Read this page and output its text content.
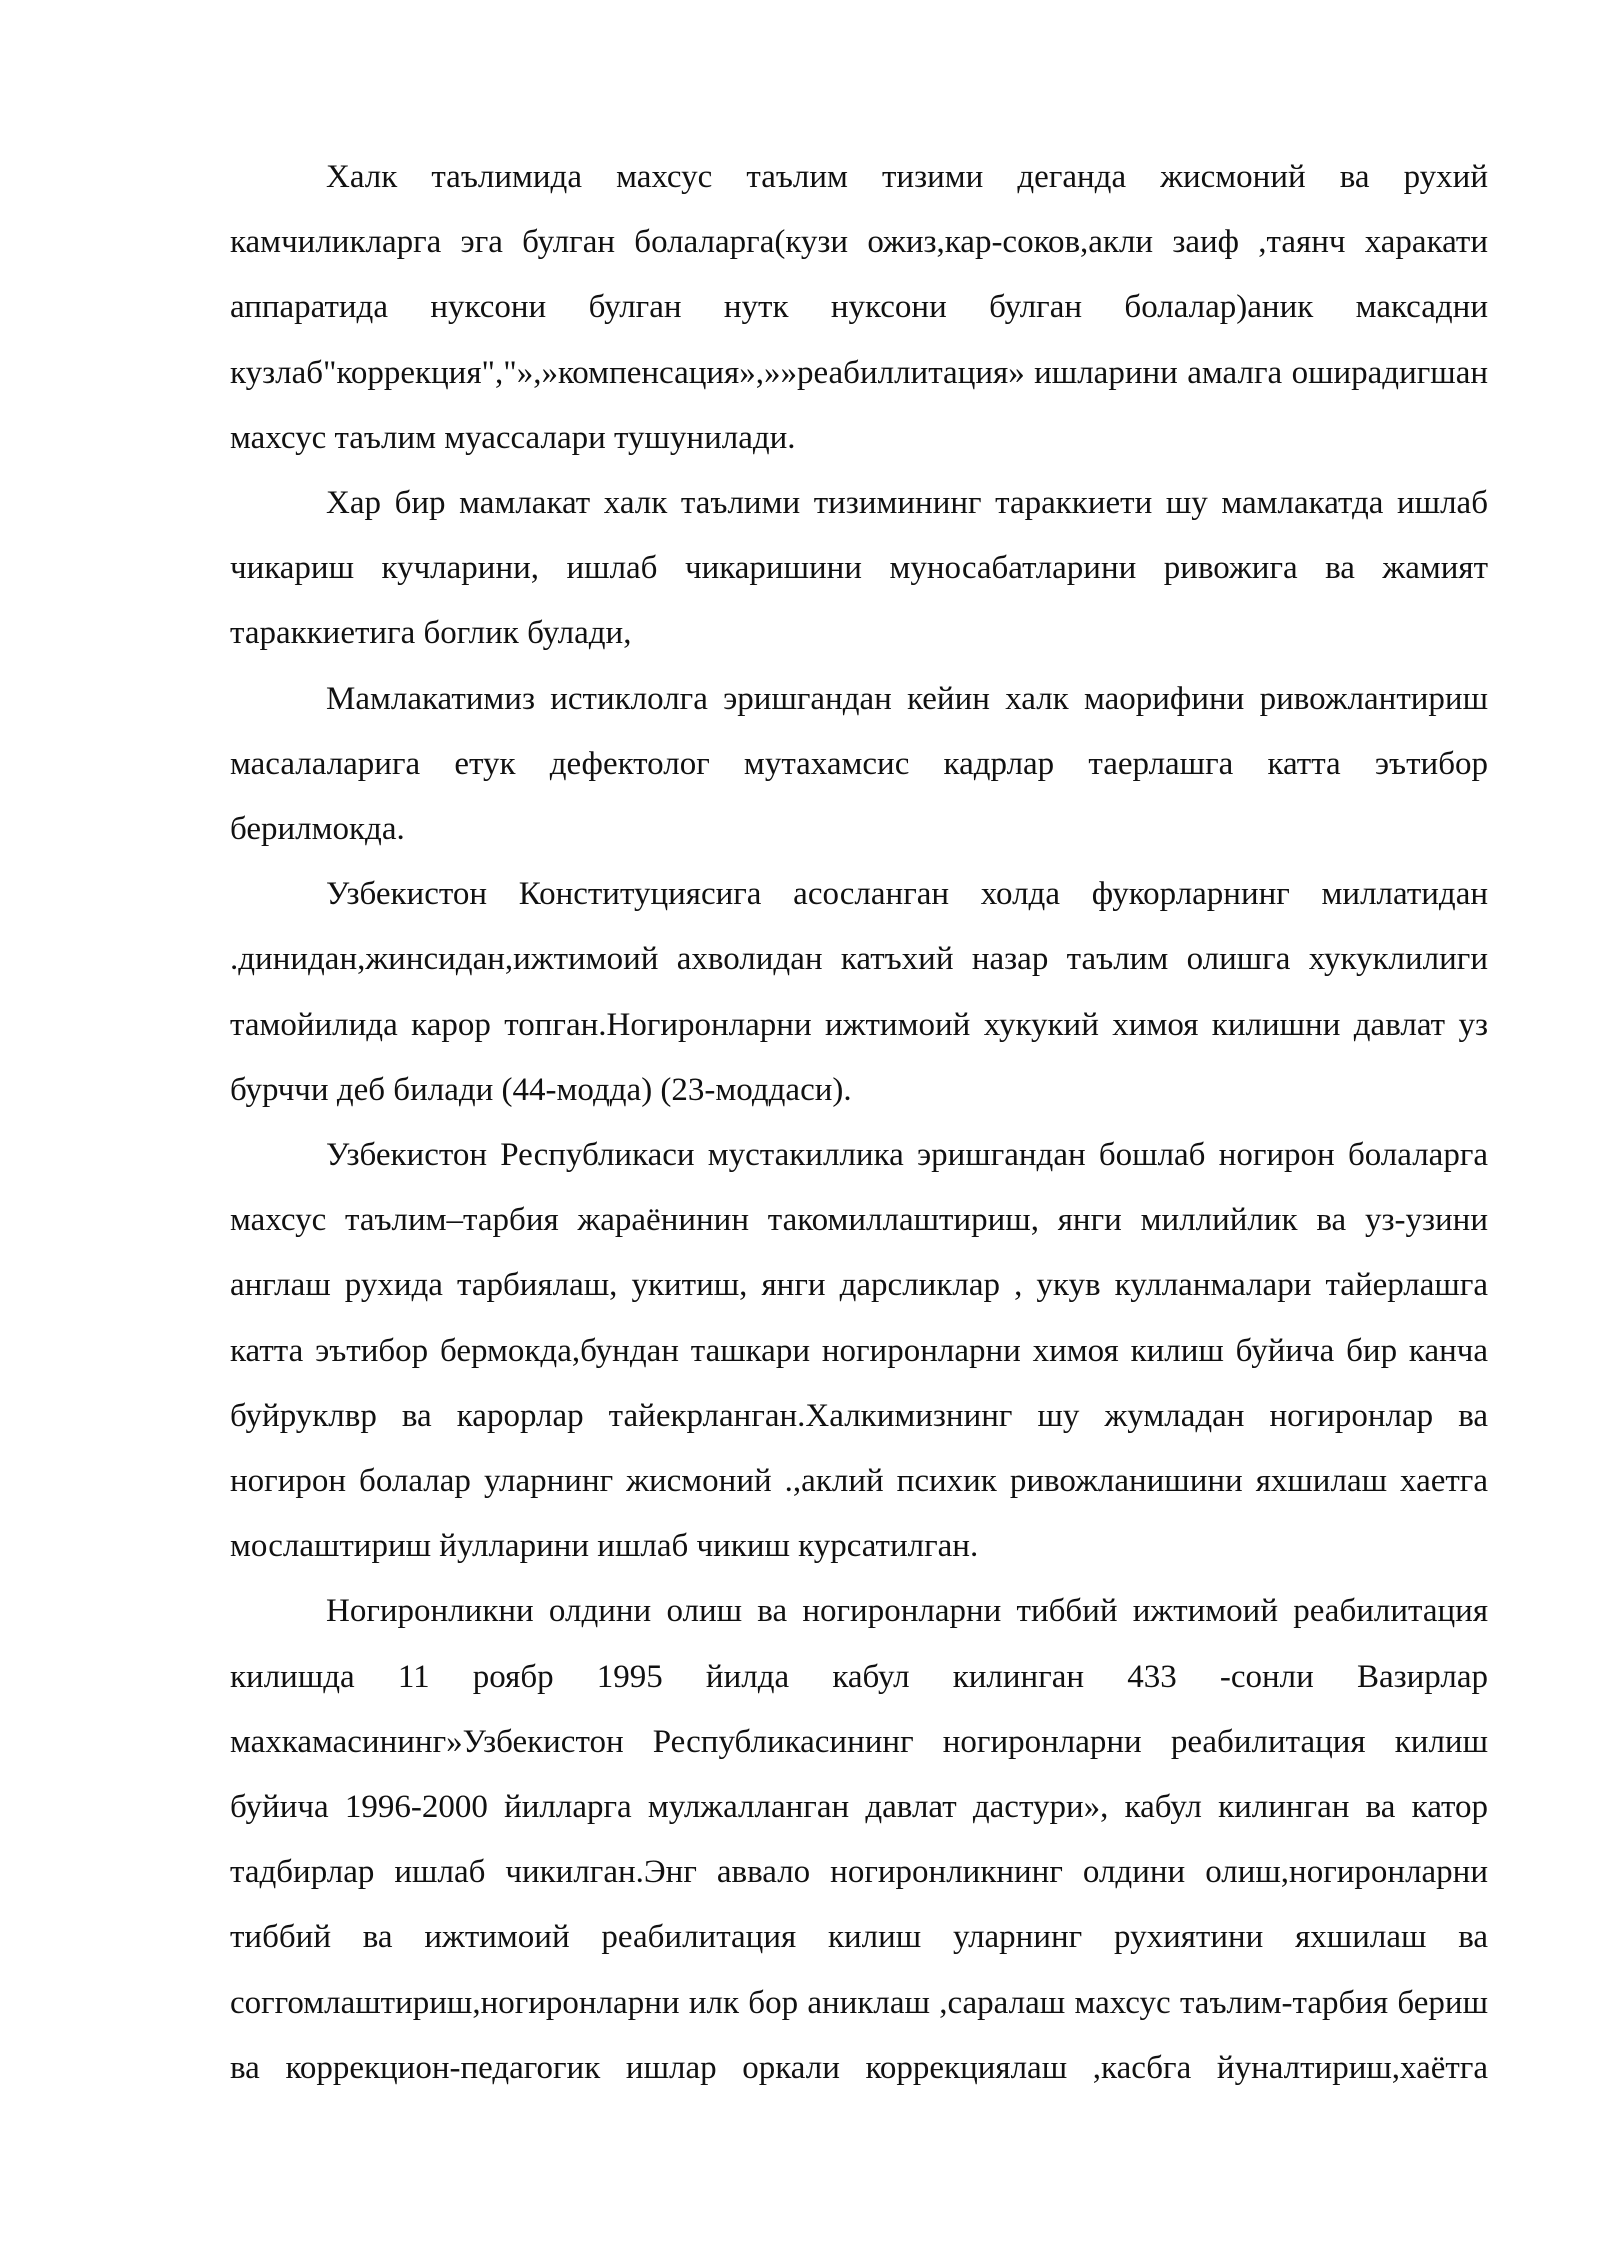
Халк таълимида махсус таълим тизими деганда жисмоний ва рухий камчиликларга эга булган болаларга(кузи ожиз,кар-соков,акли заиф ,таянч харакати аппаратида нуксони булган нутк нуксони булган болалар)аник максадни кузлаб"коррекция","»,»компенсация»,»»реабиллитация» ишларини амалга оширадигшан махсус таълим муассалари тушунилади.

Хар бир мамлакат халк таълими тизимининг тараккиети шу мамлакатда ишлаб чикариш кучларини, ишлаб чикаришини муносабатларини ривожига ва жамият тараккиетига боглик булади,

Мамлакатимиз истиклолга эришгандан кейин халк маорифини ривожлантириш масалаларига етук дефектолог мутахамсис кадрлар таерлашга катта эътибор берилмокда.

Узбекистон Конституциясига асосланган холда фукорларнинг миллатидан .динидан,жинсидан,ижтимоий ахволидан катъхий назар таълим олишга хукуклилиги тамойилида карор топган.Ногиронларни ижтимоий хукукий химоя килишни давлат уз бурччи деб билади (44-модда) (23-моддаси).

Узбекистон Республикаси мустакиллика эришгандан бошлаб ногирон болаларга махсус таълим–тарбия жараёнинин такомиллаштириш, янги миллийлик ва уз-узини англаш рухида тарбиялаш, укитиш, янги дарсликлар , укув кулланмалари тайерлашга катта эътибор бермокда,бундан ташкари ногиронларни химоя килиш буйича бир канча буйруклвр ва карорлар тайекрланган.Халкимизнинг шу жумладан ногиронлар ва ногирон болалар уларнинг жисмоний .,аклий психик ривожланишини яхшилаш хаетга мослаштириш йулларини ишлаб чикиш курсатилган.

Ногиронликни олдини олиш ва ногиронларни тиббий ижтимоий реабилитация килишда 11 роябр 1995 йилда кабул килинган 433 -сонли Вазирлар махкамасининг»Узбекистон Республикасининг ногиронларни реабилитация килиш буйича 1996-2000 йилларга мулжалланган давлат дастури», кабул килинган ва катор тадбирлар ишлаб чикилган.Энг аввало ногиронликнинг олдини олиш,ногиронларни тиббий ва ижтимоий реабилитация килиш уларнинг рухиятини яхшилаш ва соггомлаштириш,ногиронларни илк бор аниклаш ,саралаш махсус таълим-тарбия бериш ва коррекцион-педагогик ишлар оркали коррекциялаш ,касбга йуналтириш,хаётга
